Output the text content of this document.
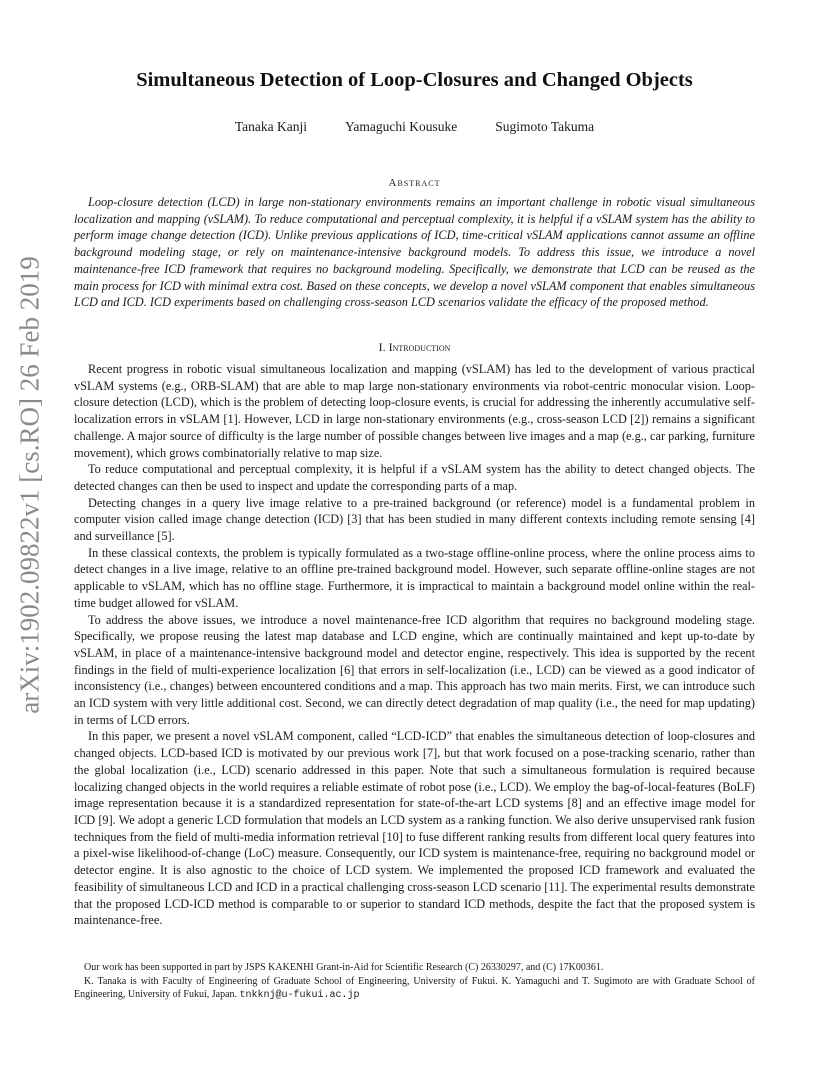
arXiv:1902.09822v1 [cs.RO] 26 Feb 2019
Simultaneous Detection of Loop-Closures and Changed Objects
Tanaka Kanji	Yamaguchi Kousuke	Sugimoto Takuma
Abstract

Loop-closure detection (LCD) in large non-stationary environments remains an important challenge in robotic visual simultaneous localization and mapping (vSLAM). To reduce computational and perceptual complexity, it is helpful if a vSLAM system has the ability to perform image change detection (ICD). Unlike previous applications of ICD, time-critical vSLAM applications cannot assume an offline background modeling stage, or rely on maintenance-intensive background models. To address this issue, we introduce a novel maintenance-free ICD framework that requires no background modeling. Specifically, we demonstrate that LCD can be reused as the main process for ICD with minimal extra cost. Based on these concepts, we develop a novel vSLAM component that enables simultaneous LCD and ICD. ICD experiments based on challenging cross-season LCD scenarios validate the efficacy of the proposed method.

I. Introduction

Recent progress in robotic visual simultaneous localization and mapping (vSLAM) has led to the development of various practical vSLAM systems (e.g., ORB-SLAM) that are able to map large non-stationary environments via robot-centric monocular vision. Loop-closure detection (LCD), which is the problem of detecting loop-closure events, is crucial for addressing the inherently accumulative self-localization errors in vSLAM [1]. However, LCD in large non-stationary environments (e.g., cross-season LCD [2]) remains a significant challenge. A major source of difficulty is the large number of possible changes between live images and a map (e.g., car parking, furniture movement), which grows combinatorially relative to map size.

To reduce computational and perceptual complexity, it is helpful if a vSLAM system has the ability to detect changed objects. The detected changes can then be used to inspect and update the corresponding parts of a map.

Detecting changes in a query live image relative to a pre-trained background (or reference) model is a fundamental problem in computer vision called image change detection (ICD) [3] that has been studied in many different contexts including remote sensing [4] and surveillance [5].

In these classical contexts, the problem is typically formulated as a two-stage offline-online process, where the online process aims to detect changes in a live image, relative to an offline pre-trained background model. However, such separate offline-online stages are not applicable to vSLAM, which has no offline stage. Furthermore, it is impractical to maintain a background model online within the real-time budget allowed for vSLAM.

To address the above issues, we introduce a novel maintenance-free ICD algorithm that requires no background modeling stage. Specifically, we propose reusing the latest map database and LCD engine, which are continually maintained and kept up-to-date by vSLAM, in place of a maintenance-intensive background model and detector engine, respectively. This idea is supported by the recent findings in the field of multi-experience localization [6] that errors in self-localization (i.e., LCD) can be viewed as a good indicator of inconsistency (i.e., changes) between encountered conditions and a map. This approach has two main merits. First, we can introduce such an ICD system with very little additional cost. Second, we can directly detect degradation of map quality (i.e., the need for map updating) in terms of LCD errors.

In this paper, we present a novel vSLAM component, called “LCD-ICD” that enables the simultaneous detection of loop-closures and changed objects. LCD-based ICD is motivated by our previous work [7], but that work focused on a pose-tracking scenario, rather than the global localization (i.e., LCD) scenario addressed in this paper. Note that such a simultaneous formulation is required because localizing changed objects in the world requires a reliable estimate of robot pose (i.e., LCD). We employ the bag-of-local-features (BoLF) image representation because it is a standardized representation for state-of-the-art LCD systems [8] and an effective image model for ICD [9]. We adopt a generic LCD formulation that models an LCD system as a ranking function. We also derive unsupervised rank fusion techniques from the field of multi-media information retrieval [10] to fuse different ranking results from different local query features into a pixel-wise likelihood-of-change (LoC) measure. Consequently, our ICD system is maintenance-free, requiring no background model or detector engine. It is also agnostic to the choice of LCD system. We implemented the proposed ICD framework and evaluated the feasibility of simultaneous LCD and ICD in a practical challenging cross-season LCD scenario [11]. The experimental results demonstrate that the proposed LCD-ICD method is comparable to or superior to standard ICD methods, despite the fact that the proposed system is maintenance-free.

Our work has been supported in part by JSPS KAKENHI Grant-in-Aid for Scientific Research (C) 26330297, and (C) 17K00361.

K. Tanaka is with Faculty of Engineering of Graduate School of Engineering, University of Fukui. K. Yamaguchi and T. Sugimoto are with Graduate School of Engineering, University of Fukui, Japan. tnkknj@u-fukui.ac.jp
